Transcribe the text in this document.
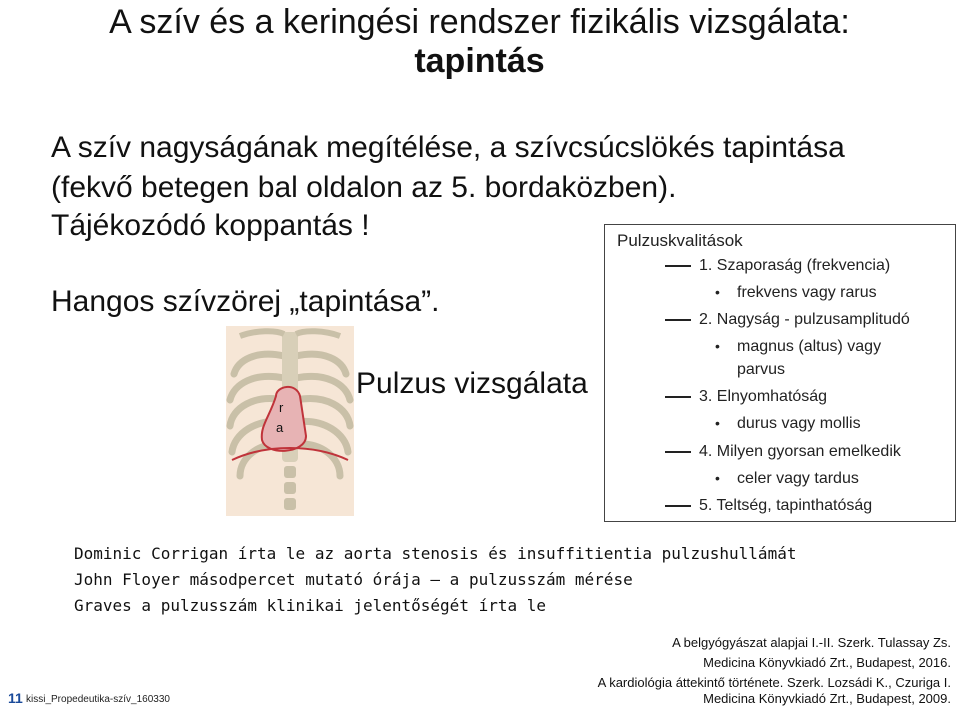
A szív és a keringési rendszer fizikális vizsgálata:
tapintás
A szív nagyságának megítélése, a szívcsúcslökés tapintása
(fekvő betegen bal oldalon az 5. bordaközben).
Tájékozódó koppantás !
Hangos szívzörej „tapintása”.
r
a
Pulzus vizsgálata
Pulzuskvalitások
1. Szaporaság (frekvencia)
• frekvens vagy rarus
2. Nagyság - pulzusamplitudó
• magnus (altus) vagy
parvus
3. Elnyomhatóság
• durus vagy mollis
4. Milyen gyorsan emelkedik
• celer vagy tardus
5. Teltség, tapinthatóság
Dominic Corrigan írta le az aorta stenosis és insuffitientia pulzushullámát
John Floyer másodpercet mutató órája – a pulzusszám mérése
Graves a pulzusszám klinikai jelentőségét írta le
A belgyógyászat alapjai I.-II. Szerk. Tulassay Zs.
Medicina Könyvkiadó Zrt., Budapest, 2016.
A kardiológia áttekintő története. Szerk. Lozsádi K., Czuriga I.
Medicina Könyvkiadó Zrt., Budapest, 2009.
11 kissi_Propedeutika-szív_160330
